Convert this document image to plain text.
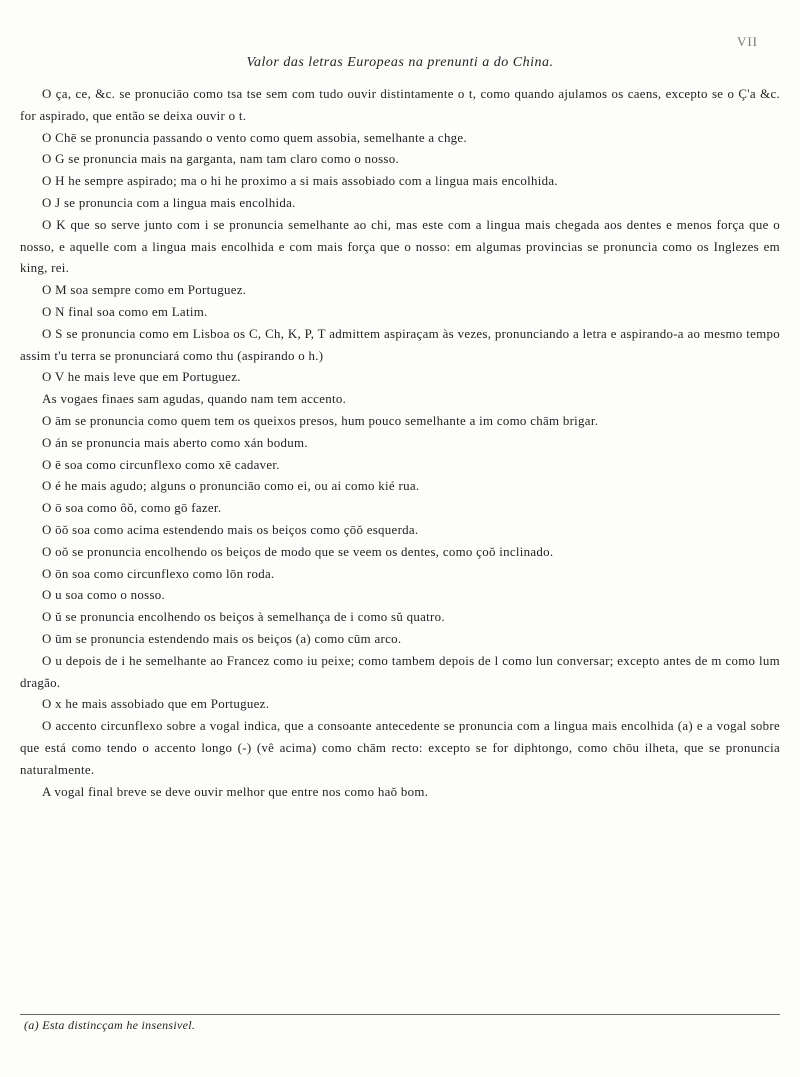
VII
Valor das letras Europeas na prenunti a do China.

O ça, ce, &c. se pronuciāo como tsa tse sem com tudo ouvir distintamente o t, como quando ajulamos os caens, excepto se o Ç'a &c. for aspirado, que então se deixa ouvir o t.

O Chē se pronuncia passando o vento como quem assobia, semelhante a chge.

O G se pronuncia mais na garganta, nam tam claro como o nosso.

O H he sempre aspirado; ma o hi he proximo a si mais assobiado com a lingua mais encolhida.

O J se pronuncia com a lingua mais encolhida.

O K que so serve junto com i se pronuncia semelhante ao chi, mas este com a lingua mais chegada aos dentes e menos força que o nosso, e aquelle com a lingua mais encolhida e com mais força que o nosso: em algumas provincias se pronuncia como os Inglezes em king, rei.

O M soa sempre como em Portuguez.

O N final soa como em Latim.

O S se pronuncia como em Lisboa os C, Ch, K, P, T admittem aspiraçam às vezes, pronunciando a letra e aspirando-a ao mesmo tempo assim t'u terra se pronunciará como thu (aspirando o h.)

O V he mais leve que em Portuguez.

As vogaes finaes sam agudas, quando nam tem accento.

O ām se pronuncia como quem tem os queixos presos, hum pouco semelhante a im como chām brigar.

O án se pronuncia mais aberto como xán bodum.

O ē soa como circunflexo como xē cadaver.

O é he mais agudo; alguns o pronunciāo como ei, ou ai como kié rua.

O ō soa como ôŏ, como gō fazer.

O ōŏ soa como acima estendendo mais os beiços como çōŏ esquerda.

O oŏ se pronuncia encolhendo os beiços de modo que se veem os dentes, como çoŏ inclinado.

O ōn soa como circunflexo como lōn roda.

O u soa como o nosso.

O ŭ se pronuncia encolhendo os beiços à semelhança de i como sŭ quatro.

O ūm se pronuncia estendendo mais os beiços (a) como cūm arco.

O u depois de i he semelhante ao Francez como iu peixe; como tambem depois de l como lun conversar; excepto antes de m como lum dragão.

O x he mais assobiado que em Portuguez.

O accento circunflexo sobre a vogal indica, que a consoante antecedente se pronuncia com a lingua mais encolhida (a) e a vogal sobre que está como tendo o accento longo (-) (vê acima) como chām recto: excepto se for diphtongo, como chōu ilheta, que se pronuncia naturalmente.

A vogal final breve se deve ouvir melhor que entre nos como haŏ bom.

(a) Esta distincçam he insensivel.
